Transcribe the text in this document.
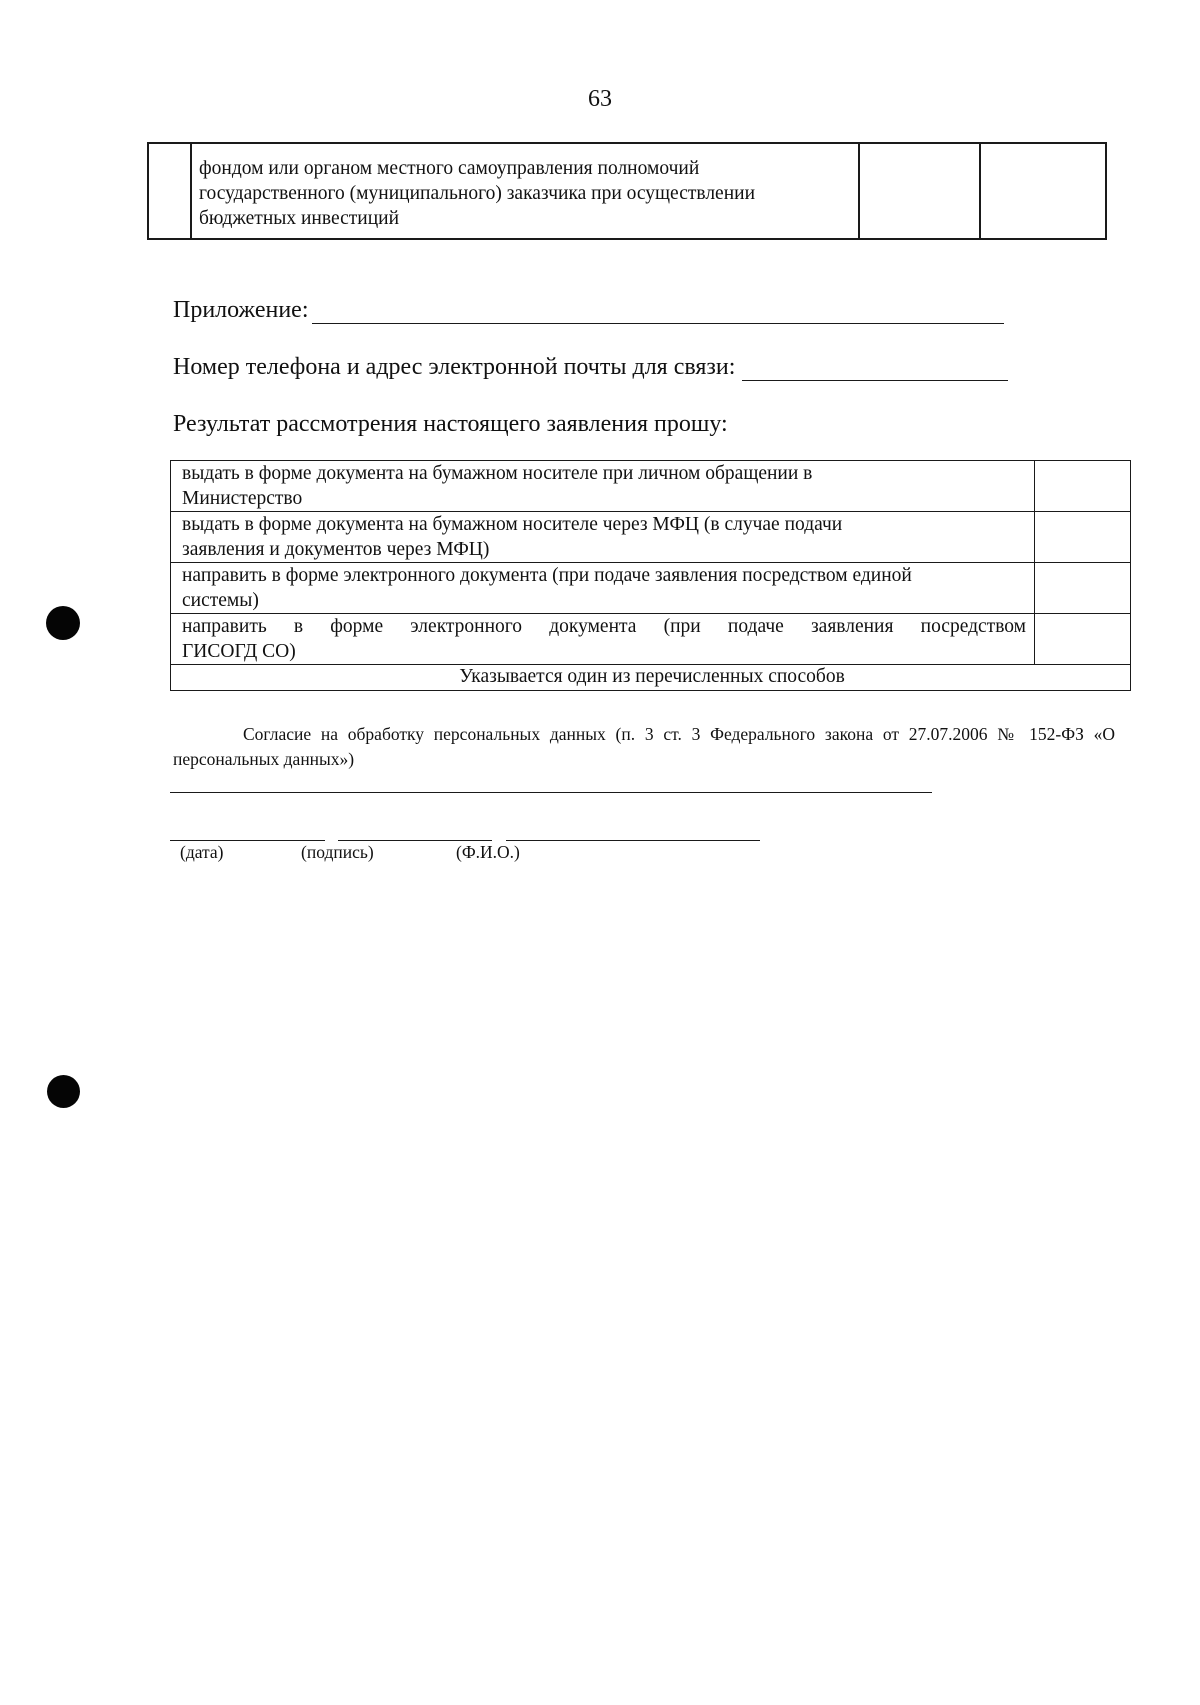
63

фондом или органом местного самоуправления полномочий
государственного (муниципального) заказчика при осуществлении
бюджетных инвестиций

Приложение:
Номер телефона и адрес электронной почты для связи:
Результат рассмотрения настоящего заявления прошу:
выдать в форме документа на бумажном носителе при личном обращении в
Министерство	

выдать в форме документа на бумажном носителе через МФЦ (в случае подачи
заявления и документов через МФЦ)	

направить в форме электронного документа (при подаче заявления посредством единой
системы)	

направить в форме электронного документа (при подаче заявления посредством
ГИСОГД СО)	

Указывается один из перечисленных способов	
Согласие на обработку персональных данных (п. 3 ст. 3 Федерального закона от 27.07.2006 № 152-ФЗ «О персональных данных»)
(дата)	(подпись)	(Ф.И.О.)
